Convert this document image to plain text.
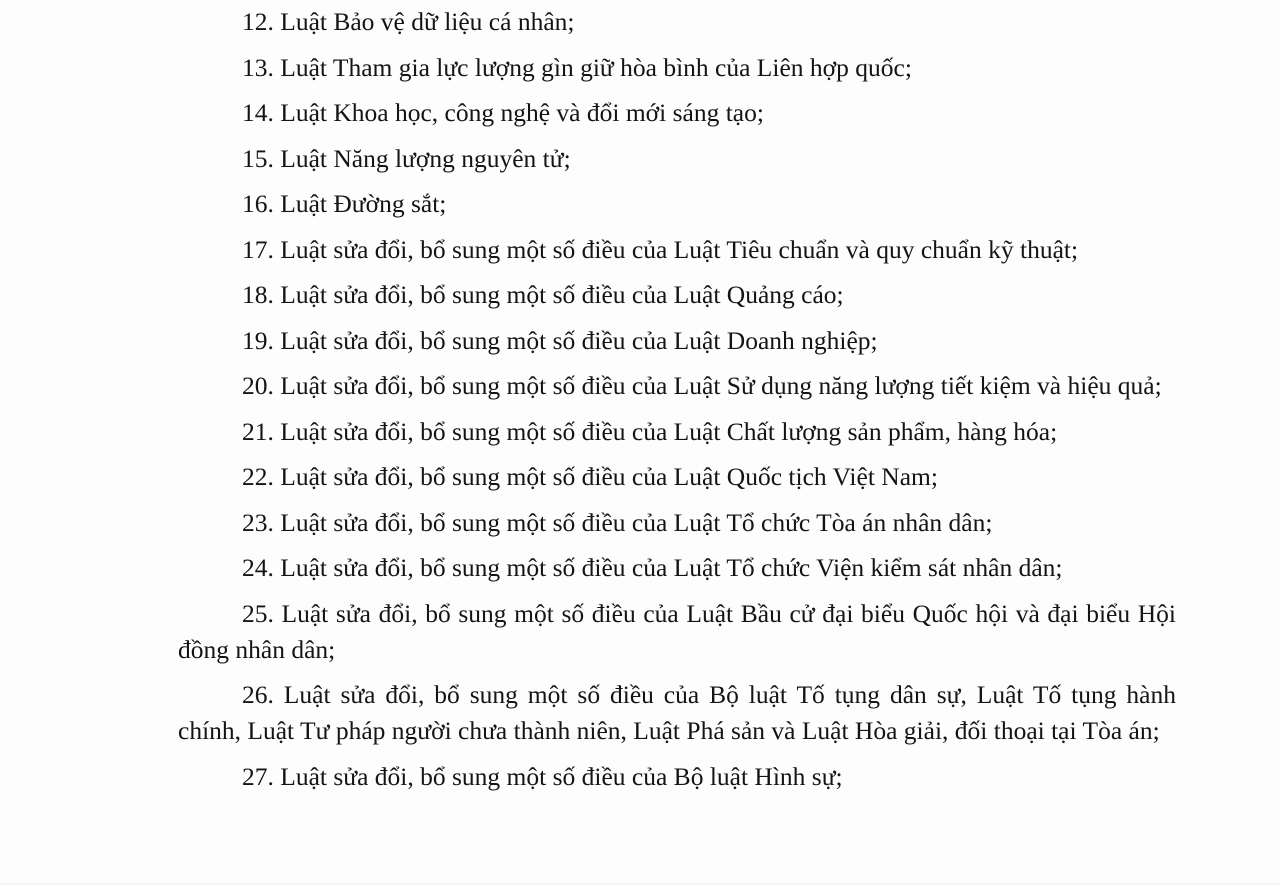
12. Luật Bảo vệ dữ liệu cá nhân;

13. Luật Tham gia lực lượng gìn giữ hòa bình của Liên hợp quốc;

14. Luật Khoa học, công nghệ và đổi mới sáng tạo;

15. Luật Năng lượng nguyên tử;

16. Luật Đường sắt;

17. Luật sửa đổi, bổ sung một số điều của Luật Tiêu chuẩn và quy chuẩn kỹ thuật;

18. Luật sửa đổi, bổ sung một số điều của Luật Quảng cáo;

19. Luật sửa đổi, bổ sung một số điều của Luật Doanh nghiệp;

20. Luật sửa đổi, bổ sung một số điều của Luật Sử dụng năng lượng tiết kiệm và hiệu quả;

21. Luật sửa đổi, bổ sung một số điều của Luật Chất lượng sản phẩm, hàng hóa;

22. Luật sửa đổi, bổ sung một số điều của Luật Quốc tịch Việt Nam;

23. Luật sửa đổi, bổ sung một số điều của Luật Tổ chức Tòa án nhân dân;

24. Luật sửa đổi, bổ sung một số điều của Luật Tổ chức Viện kiểm sát nhân dân;

25. Luật sửa đổi, bổ sung một số điều của Luật Bầu cử đại biểu Quốc hội và đại biểu Hội đồng nhân dân;

26. Luật sửa đổi, bổ sung một số điều của Bộ luật Tố tụng dân sự, Luật Tố tụng hành chính, Luật Tư pháp người chưa thành niên, Luật Phá sản và Luật Hòa giải, đối thoại tại Tòa án;

27. Luật sửa đổi, bổ sung một số điều của Bộ luật Hình sự;
